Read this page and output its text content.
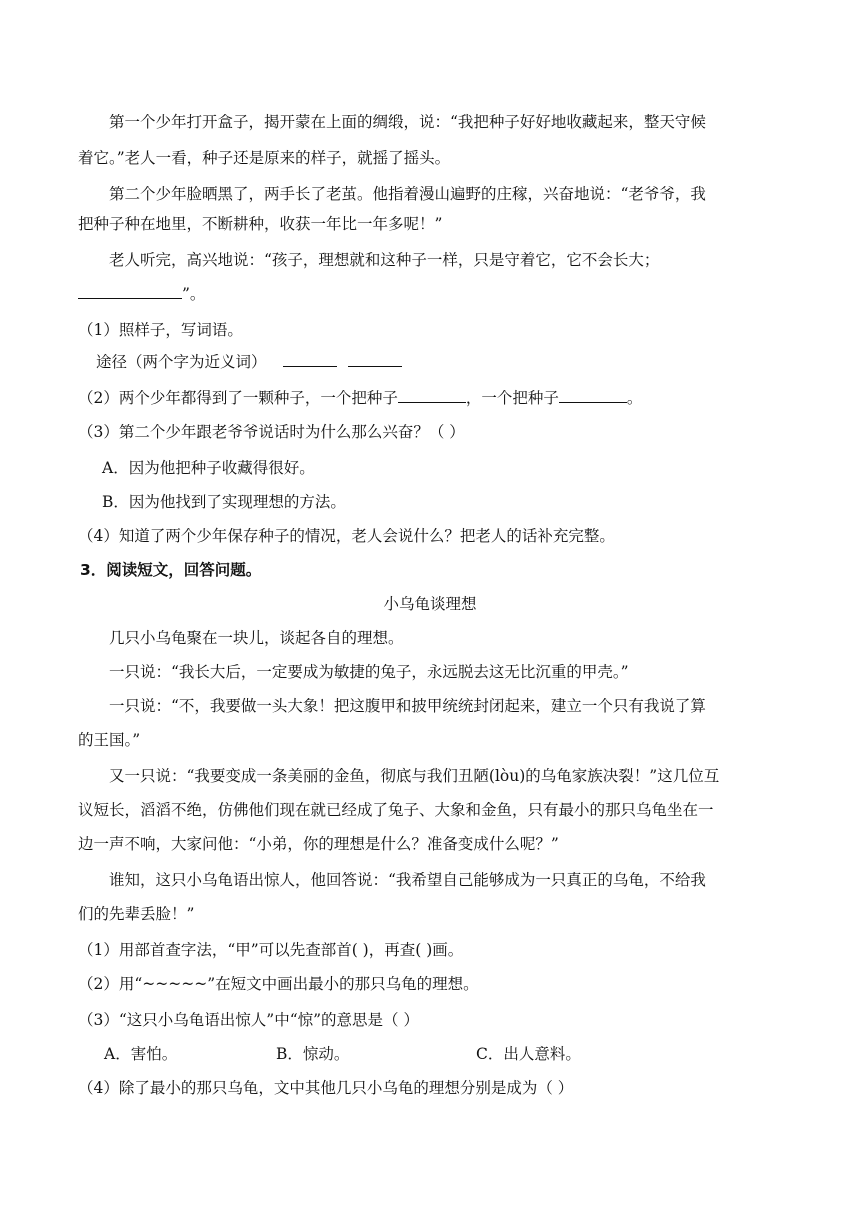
第一个少年打开盒子，揭开蒙在上面的绸缎，说：“我把种子好好地收藏起来，整天守候
着它。”老人一看，种子还是原来的样子，就摇了摇头。
第二个少年脸晒黑了，两手长了老茧。他指着漫山遍野的庄稼，兴奋地说：“老爷爷，我
把种子种在地里，不断耕种，收获一年比一年多呢！”
老人听完，高兴地说：“孩子，理想就和这种子一样，只是守着它，它不会长大；
”。
（1）照样子，写词语。
途径（两个字为近义词）
（2）两个少年都得到了一颗种子，一个把种子	，一个把种子	。
（3）第二个少年跟老爷爷说话时为什么那么兴奋？（ ）
A．因为他把种子收藏得很好。
B．因为他找到了实现理想的方法。
（4）知道了两个少年保存种子的情况，老人会说什么？把老人的话补充完整。
3．阅读短文，回答问题。
小乌龟谈理想
几只小乌龟聚在一块儿，谈起各自的理想。
一只说：“我长大后，一定要成为敏捷的兔子，永远脱去这无比沉重的甲壳。”
一只说：“不，我要做一头大象！把这腹甲和披甲统统封闭起来，建立一个只有我说了算
的王国。”
又一只说：“我要变成一条美丽的金鱼，彻底与我们丑陋(lòu)的乌龟家族决裂！”这几位互
议短长，滔滔不绝，仿佛他们现在就已经成了兔子、大象和金鱼，只有最小的那只乌龟坐在一
边一声不响，大家问他：“小弟，你的理想是什么？准备变成什么呢？”
谁知，这只小乌龟语出惊人，他回答说：“我希望自己能够成为一只真正的乌龟，不给我
们的先辈丢脸！”
（1）用部首查字法，“甲”可以先查部首( )，再查( )画。
（2）用“~~~~~”在短文中画出最小的那只乌龟的理想。
（3）“这只小乌龟语出惊人”中“惊”的意思是（ ）
A．害怕。	B．惊动。	C．出人意料。
（4）除了最小的那只乌龟，文中其他几只小乌龟的理想分别是成为（ ）
